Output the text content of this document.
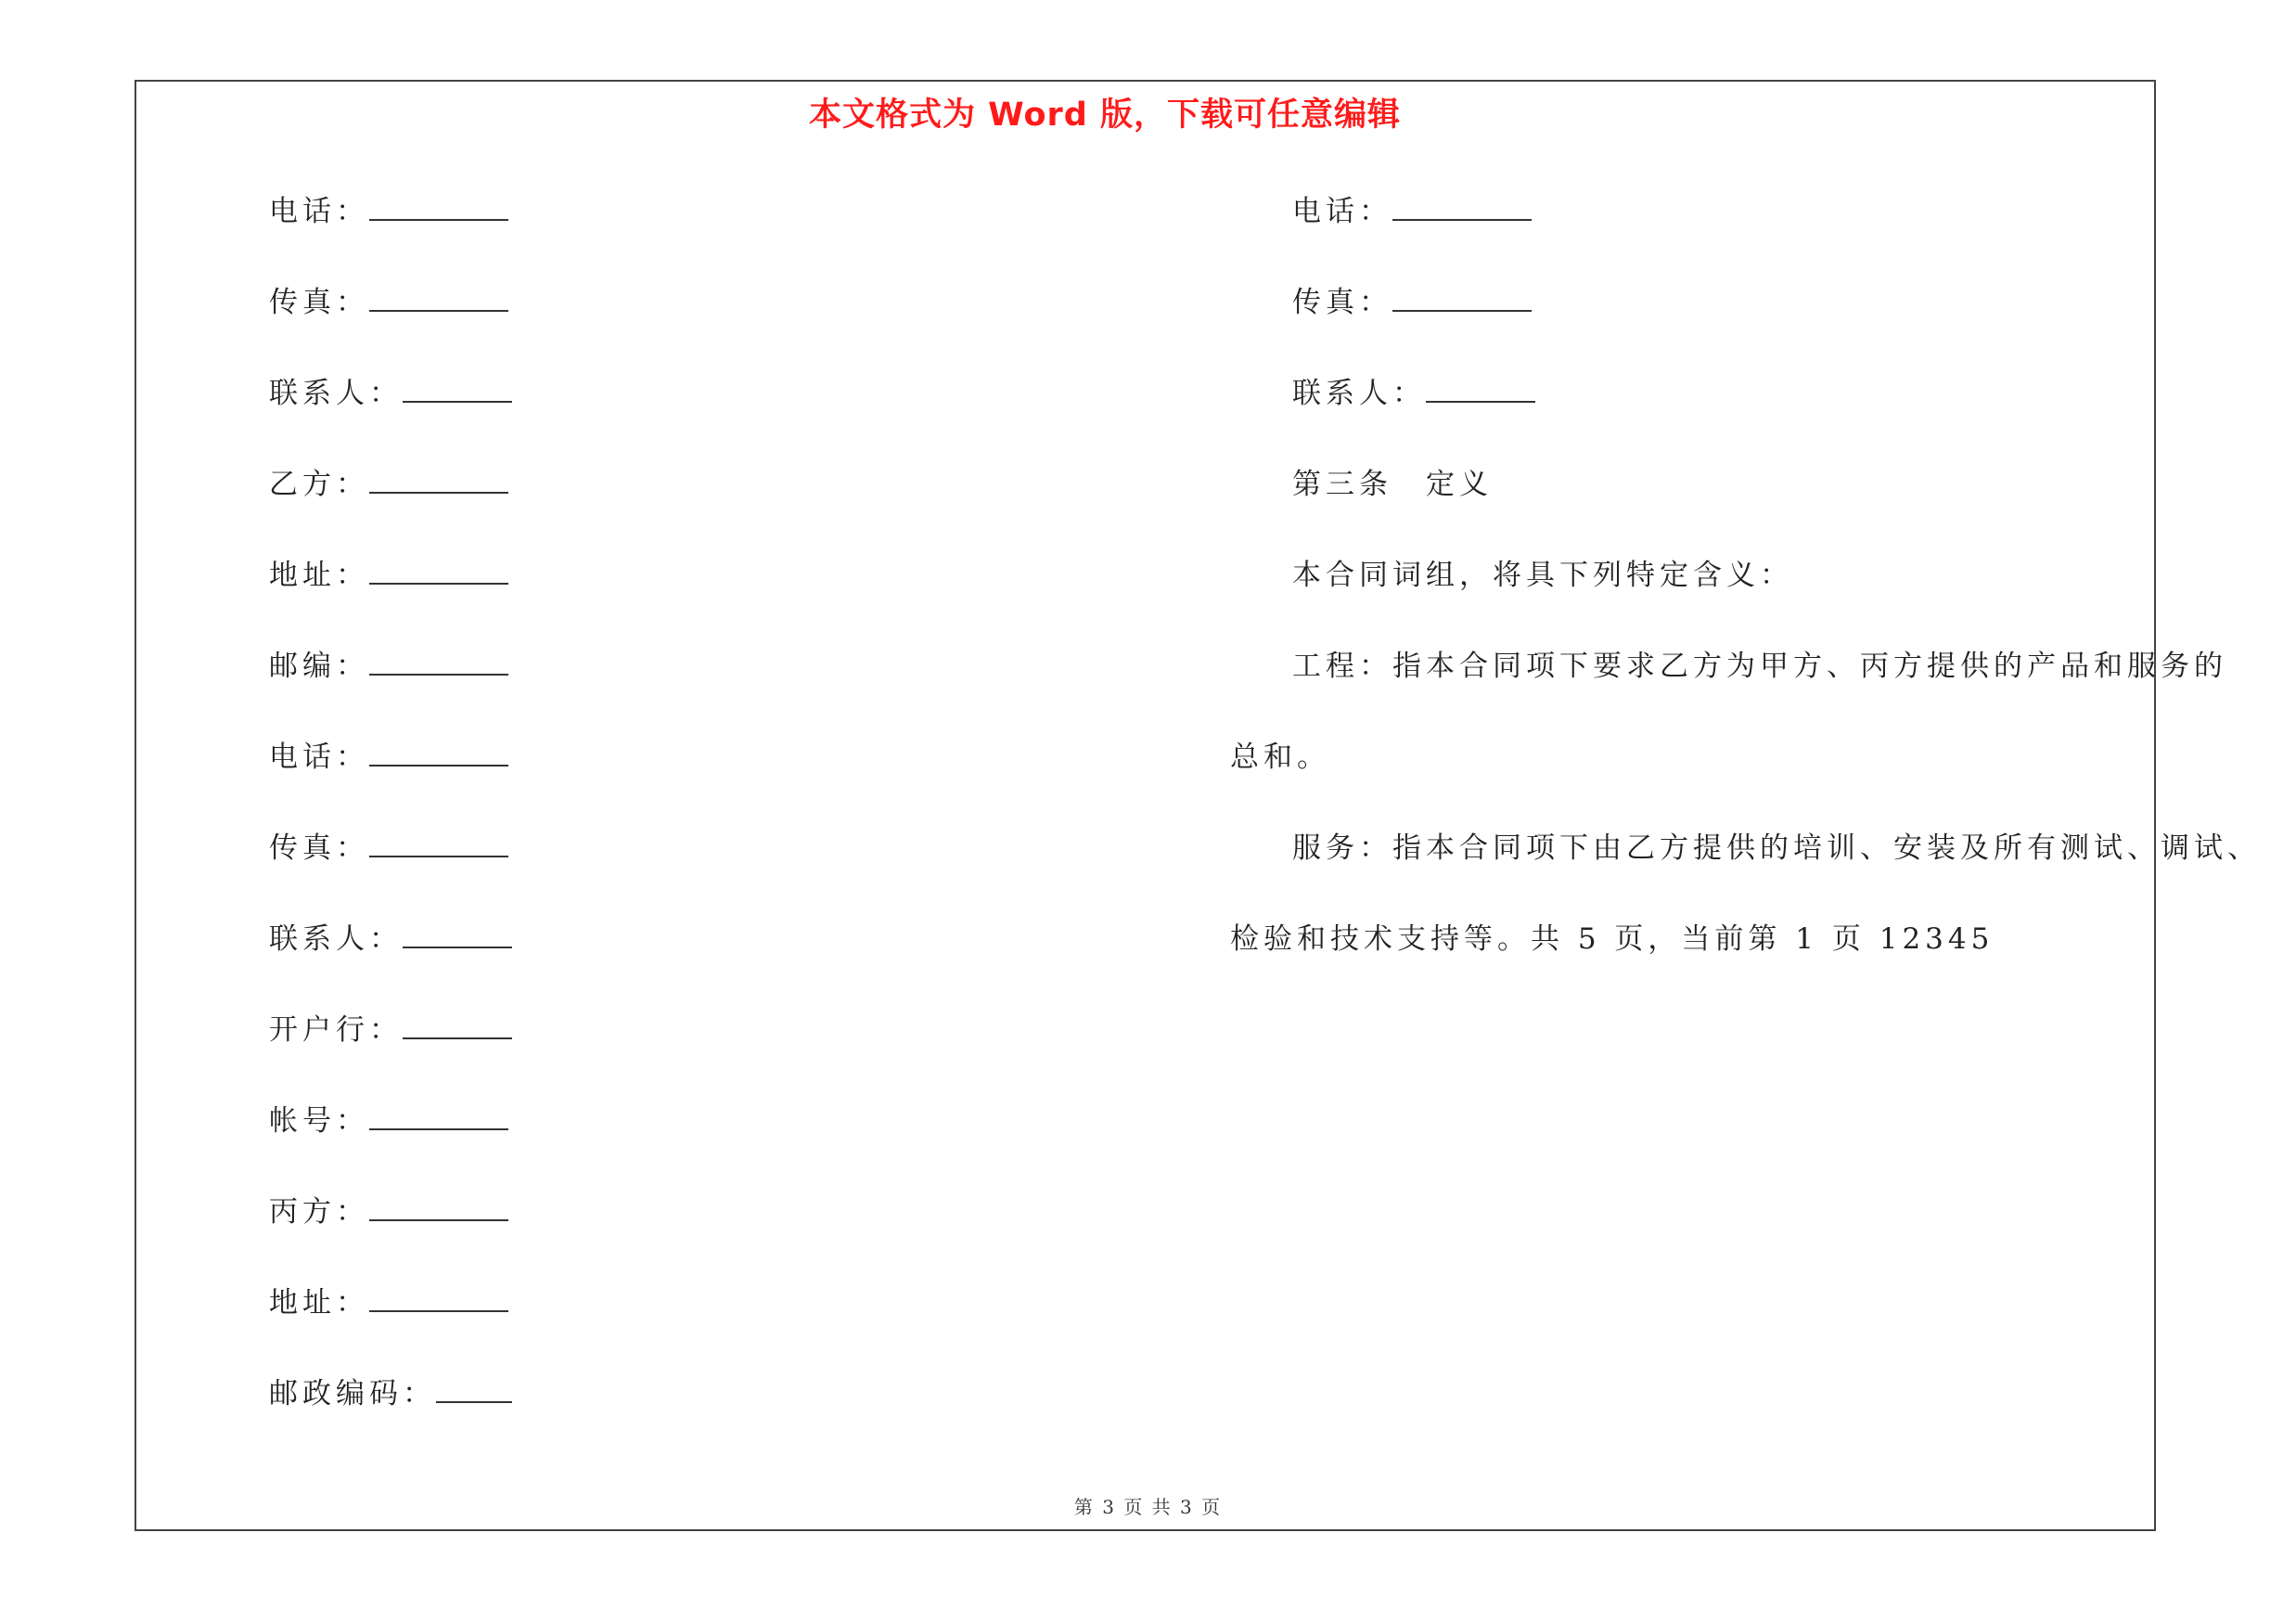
本文格式为 Word 版，下载可任意编辑
电话：
传真：
联系人：
乙方：
地址：
邮编：
电话：
传真：
联系人：
开户行：
帐号：
丙方：
地址：
邮政编码：
电话：
传真：
联系人：
第三条　定义
本合同词组，将具下列特定含义：
工程：指本合同项下要求乙方为甲方、丙方提供的产品和服务的
总和。
服务：指本合同项下由乙方提供的培训、安装及所有测试、调试、
检验和技术支持等。共 5 页，当前第 1 页 12345
第 3 页 共 3 页
